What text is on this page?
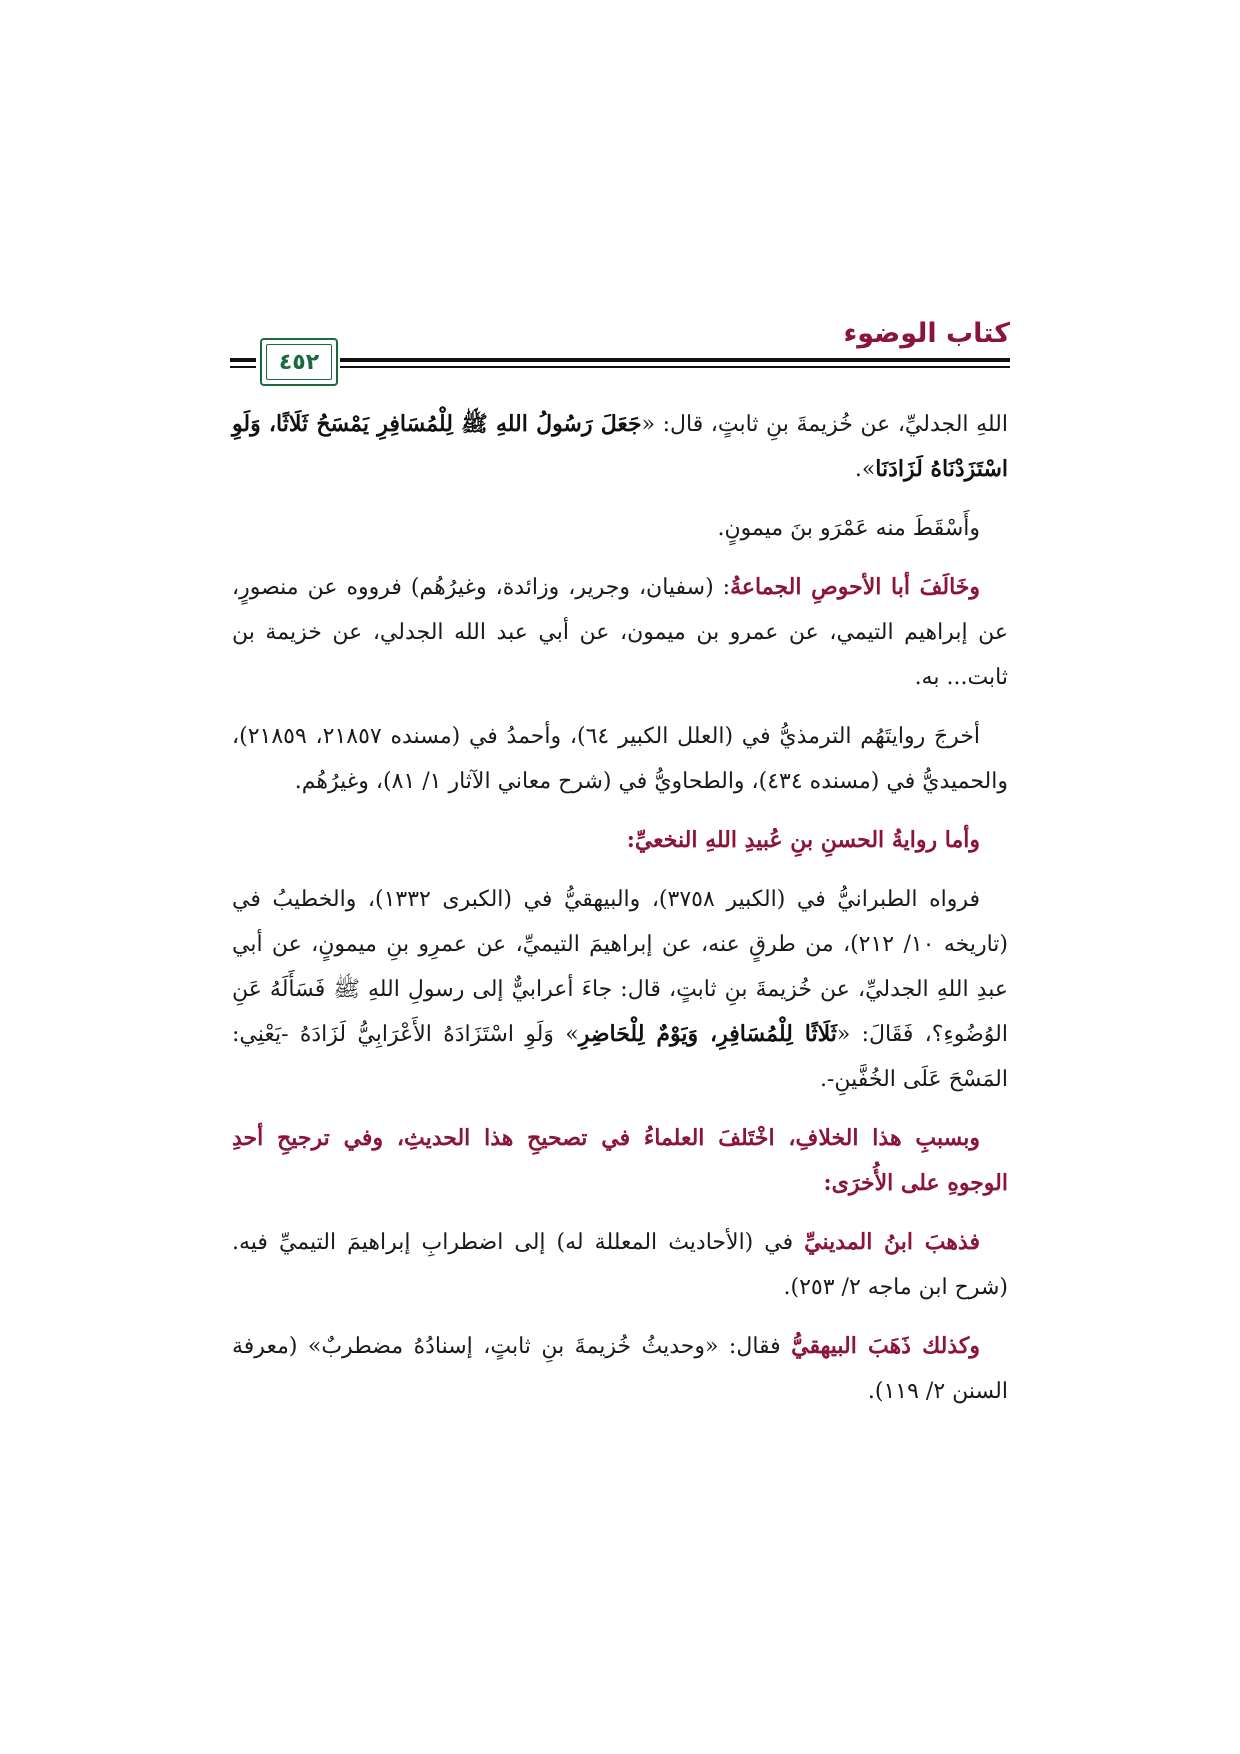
كتاب الوضوء
٤٥٢

اللهِ الجدليِّ، عن خُزيمةَ بنِ ثابتٍ، قال: «جَعَلَ رَسُولُ اللهِ ﷺ لِلْمُسَافِرِ يَمْسَحُ ثَلَاثًا، وَلَوِ اسْتَزَدْنَاهُ لَزَادَنَا».

وأَسْقَطَ منه عَمْرَو بنَ ميمونٍ.

وخَالَفَ أبا الأحوصِ الجماعةُ: (سفيان، وجرير، وزائدة، وغيرُهُم) فرووه عن منصورٍ، عن إبراهيم التيمي، عن عمرو بن ميمون، عن أبي عبد الله الجدلي، عن خزيمة بن ثابت... به.

أخرجَ روايتَهُم الترمذيُّ في (العلل الكبير ٦٤)، وأحمدُ في (مسنده ٢١٨٥٧، ٢١٨٥٩)، والحميديُّ في (مسنده ٤٣٤)، والطحاويُّ في (شرح معاني الآثار ١/ ٨١)، وغيرُهُم.

وأما روايةُ الحسنِ بنِ عُبيدِ اللهِ النخعيِّ:

فرواه الطبرانيُّ في (الكبير ٣٧٥٨)، والبيهقيُّ في (الكبرى ١٣٣٢)، والخطيبُ في (تاريخه ١٠/ ٢١٢)، من طرقٍ عنه، عن إبراهيمَ التيميِّ، عن عمرِو بنِ ميمونٍ، عن أبي عبدِ اللهِ الجدليِّ، عن خُزيمةَ بنِ ثابتٍ، قال: جاءَ أعرابيٌّ إلى رسولِ اللهِ ﷺ فَسَأَلَهُ عَنِ الوُضُوءِ؟، فَقَالَ: «ثَلَاثًا لِلْمُسَافِرِ، وَيَوْمٌ لِلْحَاضِرِ» وَلَوِ اسْتَزَادَهُ الأَعْرَابِيُّ لَزَادَهُ -يَعْنِي: المَسْحَ عَلَى الخُفَّينِ-.

وبسببِ هذا الخلافِ، اخْتَلفَ العلماءُ في تصحيحِ هذا الحديثِ، وفي ترجيحِ أحدِ الوجوهِ على الأُخرَى:

فذهبَ ابنُ المدينيِّ في (الأحاديث المعللة له) إلى اضطرابِ إبراهيمَ التيميِّ فيه. (شرح ابن ماجه ٢/ ٢٥٣).

وكذلك ذَهَبَ البيهقيُّ فقال: «وحديثُ خُزيمةَ بنِ ثابتٍ، إسنادُهُ مضطربٌ» (معرفة السنن ٢/ ١١٩).
